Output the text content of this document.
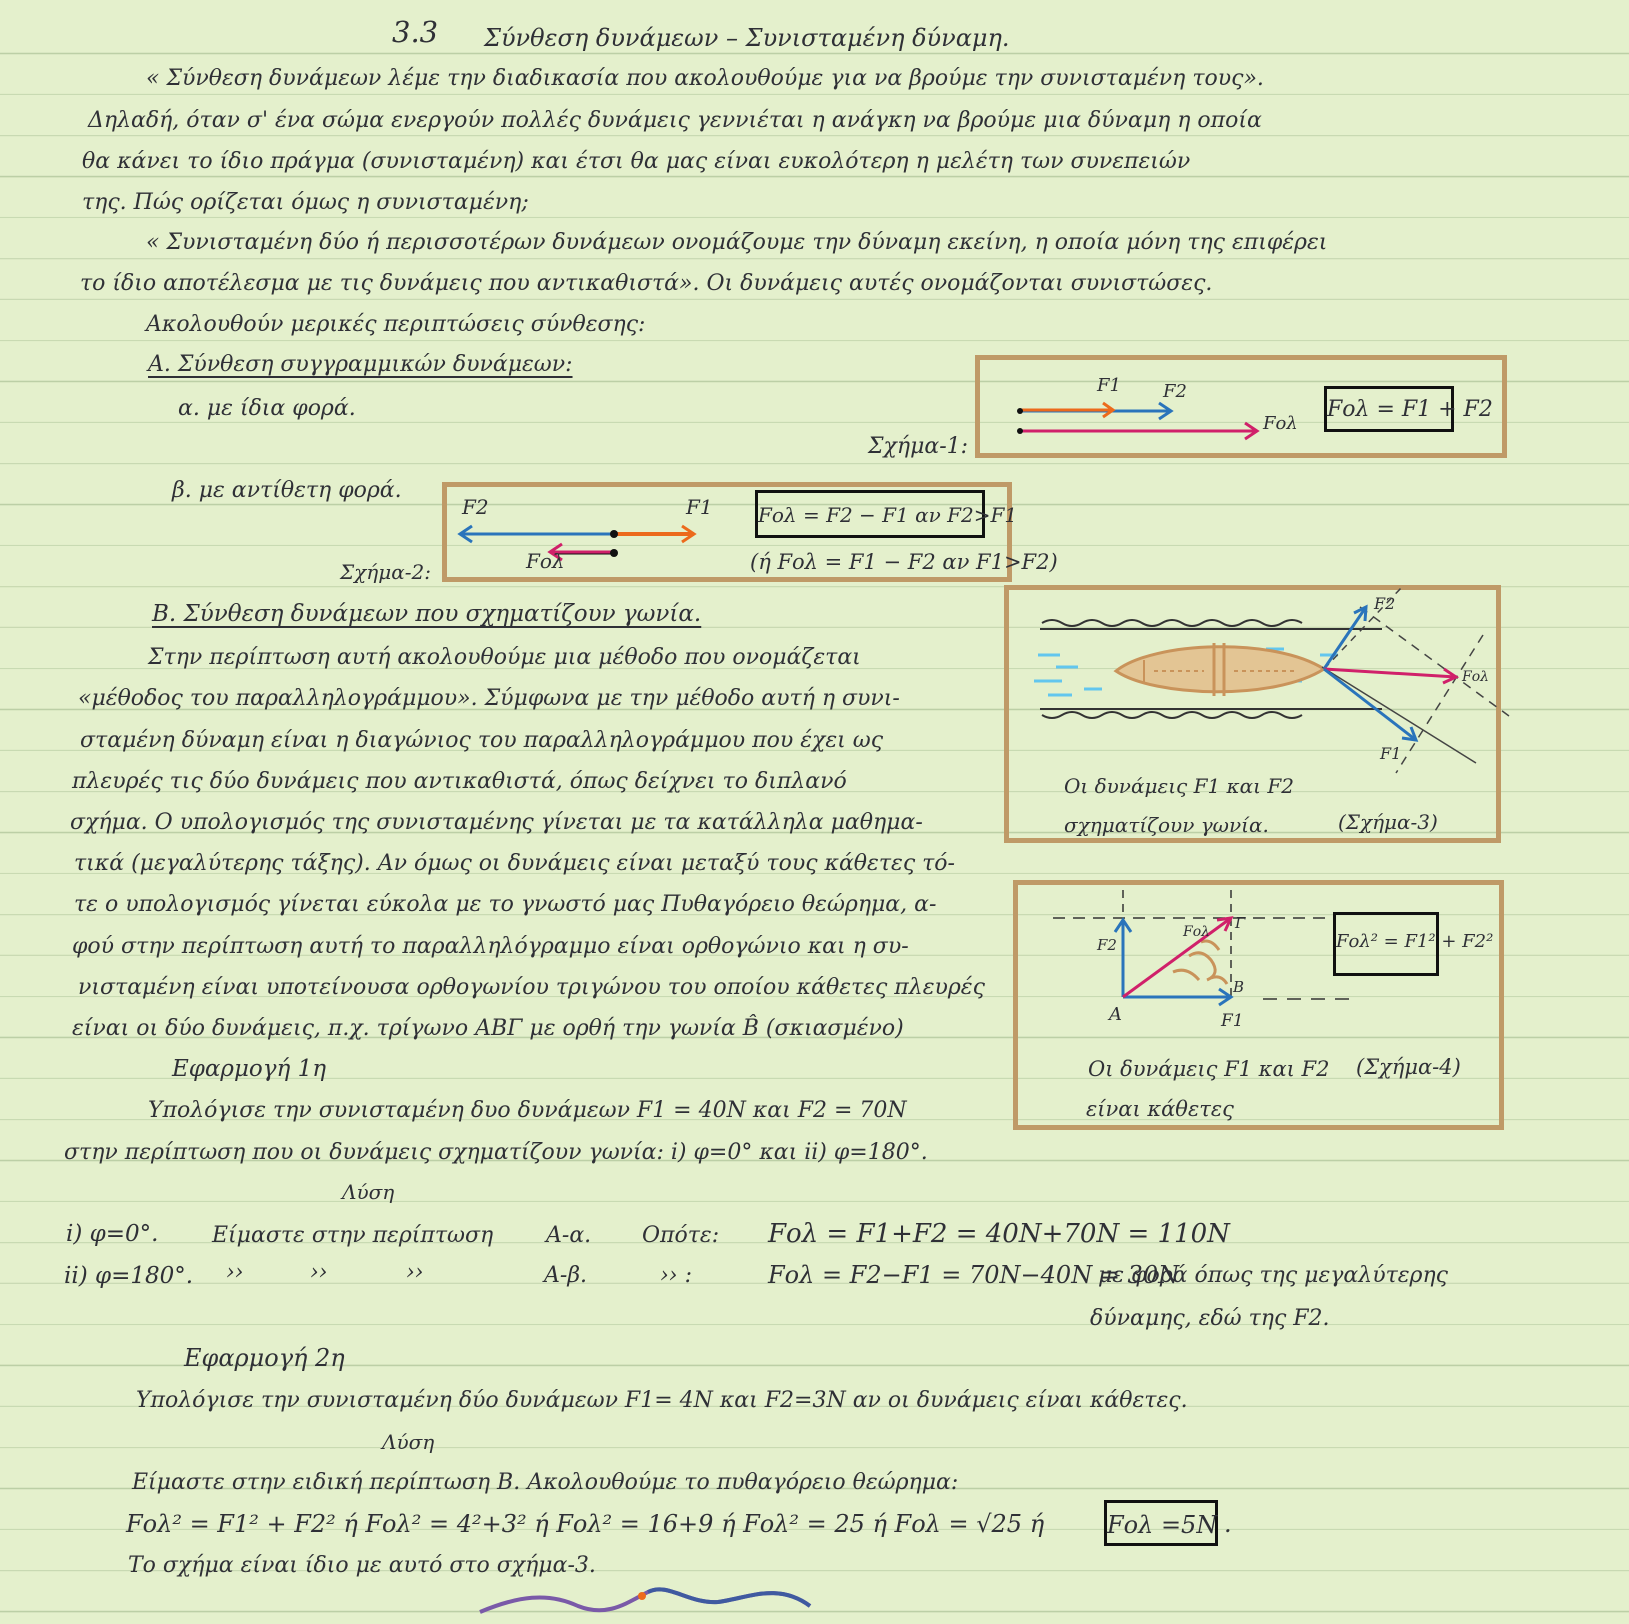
3.3 Σύνθεση δυνάμεων – Συνισταμένη δύναμη.
« Σύνθεση δυνάμεων λέμε την διαδικασία που ακολουθούμε για να βρούμε την συνισταμένη τους».
Δηλαδή, όταν σ' ένα σώμα ενεργούν πολλές δυνάμεις γεννιέται η ανάγκη να βρούμε μια δύναμη η οποία
θα κάνει το ίδιο πράγμα (συνισταμένη) και έτσι θα μας είναι ευκολότερη η μελέτη των συνεπειών
της. Πώς ορίζεται όμως η συνισταμένη;
« Συνισταμένη δύο ή περισσοτέρων δυνάμεων ονομάζουμε την δύναμη εκείνη, η οποία μόνη της επιφέρει
το ίδιο αποτέλεσμα με τις δυνάμεις που αντικαθιστά». Οι δυνάμεις αυτές ονομάζονται συνιστώσες.
Ακολουθούν μερικές περιπτώσεις σύνθεσης:
Α. Σύνθεση συγγραμμικών δυνάμεων:
α. με ίδια φορά.
Σχήμα-1:
F1 F2
Fολ
Fολ = F1 + F2
β. με αντίθετη φορά.
Σχήμα-2:
F2	F1
Fολ
Fολ = F2 − F1 αν F2>F1
(ή Fολ = F1 − F2 αν F1>F2)
Β. Σύνθεση δυνάμεων που σχηματίζουν γωνία.
Στην περίπτωση αυτή ακολουθούμε μια μέθοδο που ονομάζεται
«μέθοδος του παραλληλογράμμου». Σύμφωνα με την μέθοδο αυτή η συνι-
σταμένη δύναμη είναι η διαγώνιος του παραλληλογράμμου που έχει ως
πλευρές τις δύο δυνάμεις που αντικαθιστά, όπως δείχνει το διπλανό
σχήμα. Ο υπολογισμός της συνισταμένης γίνεται με τα κατάλληλα μαθημα-
τικά (μεγαλύτερης τάξης). Αν όμως οι δυνάμεις είναι μεταξύ τους κάθετες τό-
τε ο υπολογισμός γίνεται εύκολα με το γνωστό μας Πυθαγόρειο θεώρημα, α-
φού στην περίπτωση αυτή το παραλληλόγραμμο είναι ορθογώνιο και η συ-
νισταμένη είναι υποτείνουσα ορθογωνίου τριγώνου του οποίου κάθετες πλευρές
είναι οι δύο δυνάμεις, π.χ. τρίγωνο ΑΒΓ με ορθή την γωνία B̂ (σκιασμένο)
F2
Fολ
F1
Οι δυνάμεις F1 και F2
σχηματίζουν γωνία.	(Σχήμα-3)
A
B
Γ
F1
F2
Fολ	Fολ² = F1² + F2²
Οι δυνάμεις F1 και F2
είναι κάθετες
(Σχήμα-4)
Εφαρμογή 1η
Υπολόγισε την συνισταμένη δυο δυνάμεων F1 = 40N και F2 = 70N
στην περίπτωση που οι δυνάμεις σχηματίζουν γωνία: i) φ=0° και ii) φ=180°.
Λύση
i) φ=0°. Είμαστε στην περίπτωση Α-α. Οπότε: Fολ = F1+F2 = 40N+70N = 110N
ii) φ=180°. ››	››	››	Α-β.	›› :	Fολ = F2−F1 = 70N−40N = 30N
με φορά όπως της μεγαλύτερης
δύναμης, εδώ της F2.
Εφαρμογή 2η
Υπολόγισε την συνισταμένη δύο δυνάμεων F1= 4N και F2=3N αν οι δυνάμεις είναι κάθετες.
Λύση
Είμαστε στην ειδική περίπτωση Β. Ακολουθούμε το πυθαγόρειο θεώρημα:
Fολ² = F1² + F2² ή Fολ² = 4²+3² ή Fολ² = 16+9 ή Fολ² = 25 ή Fολ = √25 ή	Fολ =5N .
Το σχήμα είναι ίδιο με αυτό στο σχήμα-3.
